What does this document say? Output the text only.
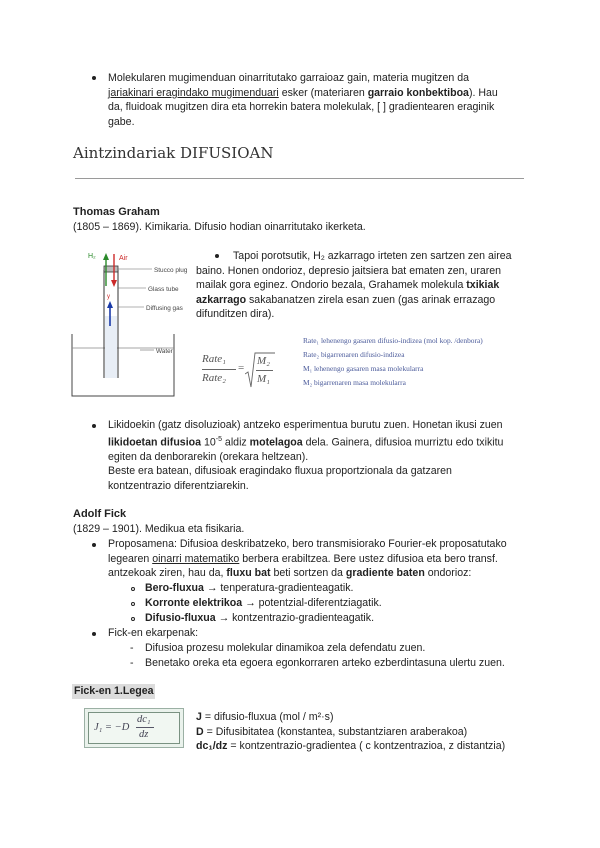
Molekularen mugimenduan oinarritutako garraioaz gain, materia mugitzen da
jariakinari eragindako mugimenduari esker (materiaren garraio konbektiboa). Hau
da, fluidoak mugitzen dira eta horrekin batera molekulak, [ ] gradientearen eraginik
gabe.
Aintzindariak DIFUSIOAN
Thomas Graham
(1805 – 1869). Kimikaria. Difusio hodian oinarritutako ikerketa.
H₂	Air
y
Stucco plug
Glass tube
Diffusing gas
Water
Tapoi porotsutik, H₂ azkarrago irteten zen sartzen zen airea
baino. Honen ondorioz, depresio jaitsiera bat ematen zen, uraren
mailak gora eginez. Ondorio bezala, Grahamek molekula txikiak
azkarrago sakabanatzen zirela esan zuen (gas arinak errazago
difunditzen dira).
Rate₁
Rate₂
=
M₂
M₁
Rate₁ lehenengo gasaren difusio-indizea (mol kop. /denbora)
Rate₂ bigarrenaren difusio-indizea
M₁ lehenengo gasaren masa molekularra
M₂ bigarrenaren masa molekularra
Likidoekin (gatz disoluzioak) antzeko esperimentua burutu zuen. Honetan ikusi zuen
likidoetan difusioa $10^{-5}$ aldiz motelagoa dela. Gainera, difusioa murriztu edo txikitu
egiten da denborarekin (orekara heltzean).
Beste era batean, difusioak eragindako fluxua proportzionala da gatzaren
kontzentrazio diferentziarekin.
Adolf Fick
(1829 – 1901). Medikua eta fisikaria.
Proposamena: Difusioa deskribatzeko, bero transmisiorako Fourier-ek proposatutako
legearen oinarri matematiko berbera erabiltzea. Bere ustez difusioa eta bero transf.
antzekoak ziren, hau da, fluxu bat beti sortzen da gradiente baten ondorioz:
Bero-fluxua → tenperatura-gradienteagatik.
Korronte elektrikoa → potentzial-diferentziagatik.
Difusio-fluxua → kontzentrazio-gradienteagatik.
Fick-en ekarpenak:
- Difusioa prozesu molekular dinamikoa zela defendatu zuen.
- Benetako oreka eta egoera egonkorraren arteko ezberdintasuna ulertu zuen.
Fick-en 1.Legea
J₁ = −D
dc₁
dz
J = difusio-fluxua (mol / m²·s)
D = Difusibitatea (konstantea, substantziaren araberakoa)
dc₁/dz = kontzentrazio-gradientea ( c kontzentrazioa, z distantzia)
